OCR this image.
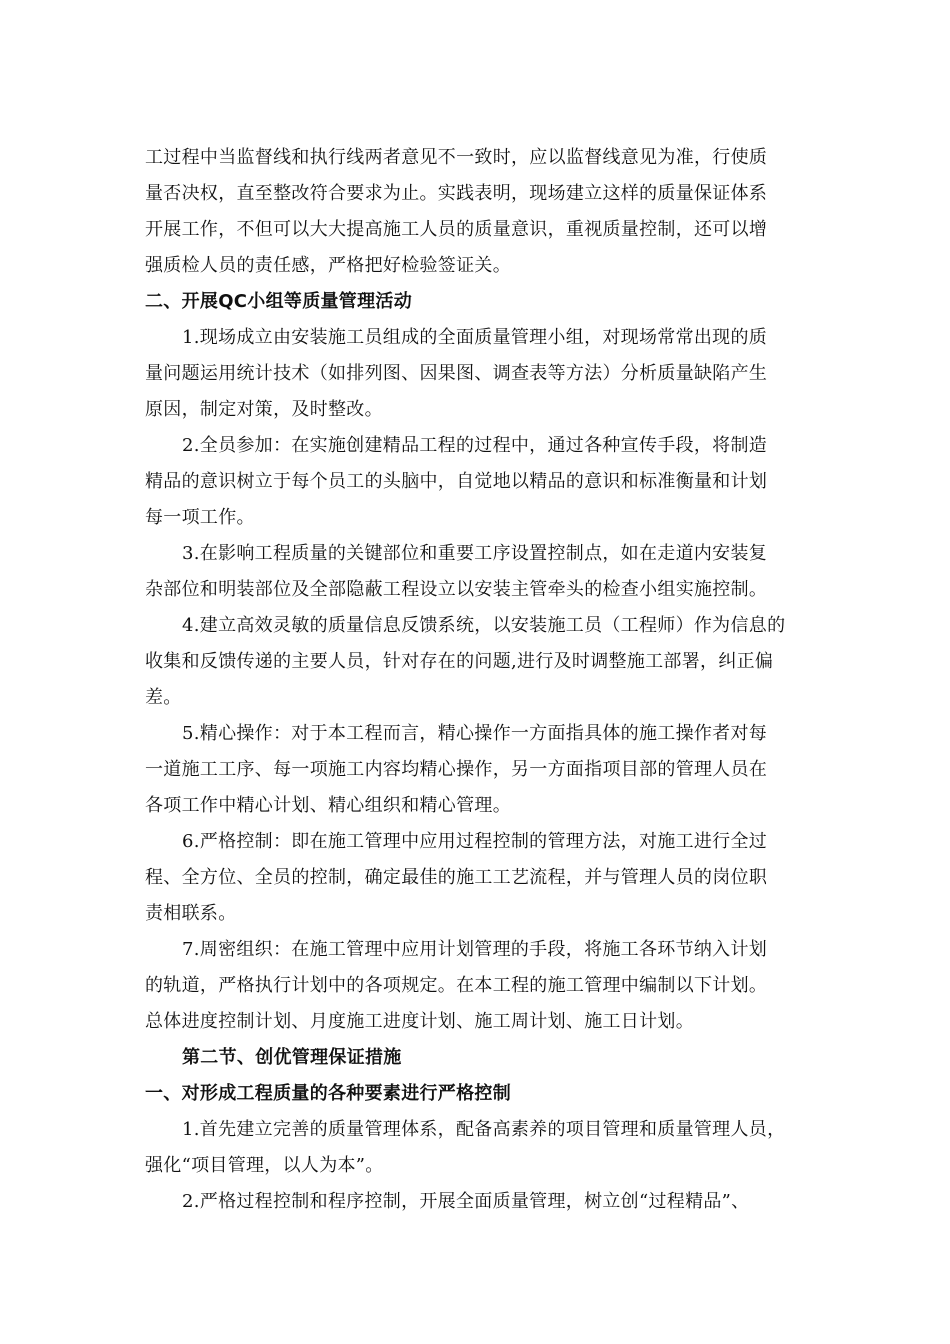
工过程中当监督线和执行线两者意见不一致时，应以监督线意见为准，行使质
量否决权，直至整改符合要求为止。实践表明，现场建立这样的质量保证体系
开展工作，不但可以大大提高施工人员的质量意识，重视质量控制，还可以增
强质检人员的责任感，严格把好检验签证关。
二、开展QC小组等质量管理活动
1.现场成立由安装施工员组成的全面质量管理小组，对现场常常出现的质
量问题运用统计技术（如排列图、因果图、调查表等方法）分析质量缺陷产生
原因，制定对策，及时整改。
2.全员参加：在实施创建精品工程的过程中，通过各种宣传手段，将制造
精品的意识树立于每个员工的头脑中，自觉地以精品的意识和标准衡量和计划
每一项工作。
3.在影响工程质量的关键部位和重要工序设置控制点，如在走道内安装复
杂部位和明装部位及全部隐蔽工程设立以安装主管牵头的检查小组实施控制。
4.建立高效灵敏的质量信息反馈系统，以安装施工员（工程师）作为信息的
收集和反馈传递的主要人员，针对存在的问题,进行及时调整施工部署，纠正偏
差。
5.精心操作：对于本工程而言，精心操作一方面指具体的施工操作者对每
一道施工工序、每一项施工内容均精心操作，另一方面指项目部的管理人员在
各项工作中精心计划、精心组织和精心管理。
6.严格控制：即在施工管理中应用过程控制的管理方法，对施工进行全过
程、全方位、全员的控制，确定最佳的施工工艺流程，并与管理人员的岗位职
责相联系。
7.周密组织：在施工管理中应用计划管理的手段，将施工各环节纳入计划
的轨道，严格执行计划中的各项规定。在本工程的施工管理中编制以下计划。
总体进度控制计划、月度施工进度计划、施工周计划、施工日计划。
第二节、创优管理保证措施
一、对形成工程质量的各种要素进行严格控制
1.首先建立完善的质量管理体系，配备高素养的项目管理和质量管理人员，
强化“项目管理，以人为本”。
2.严格过程控制和程序控制，开展全面质量管理，树立创“过程精品”、
